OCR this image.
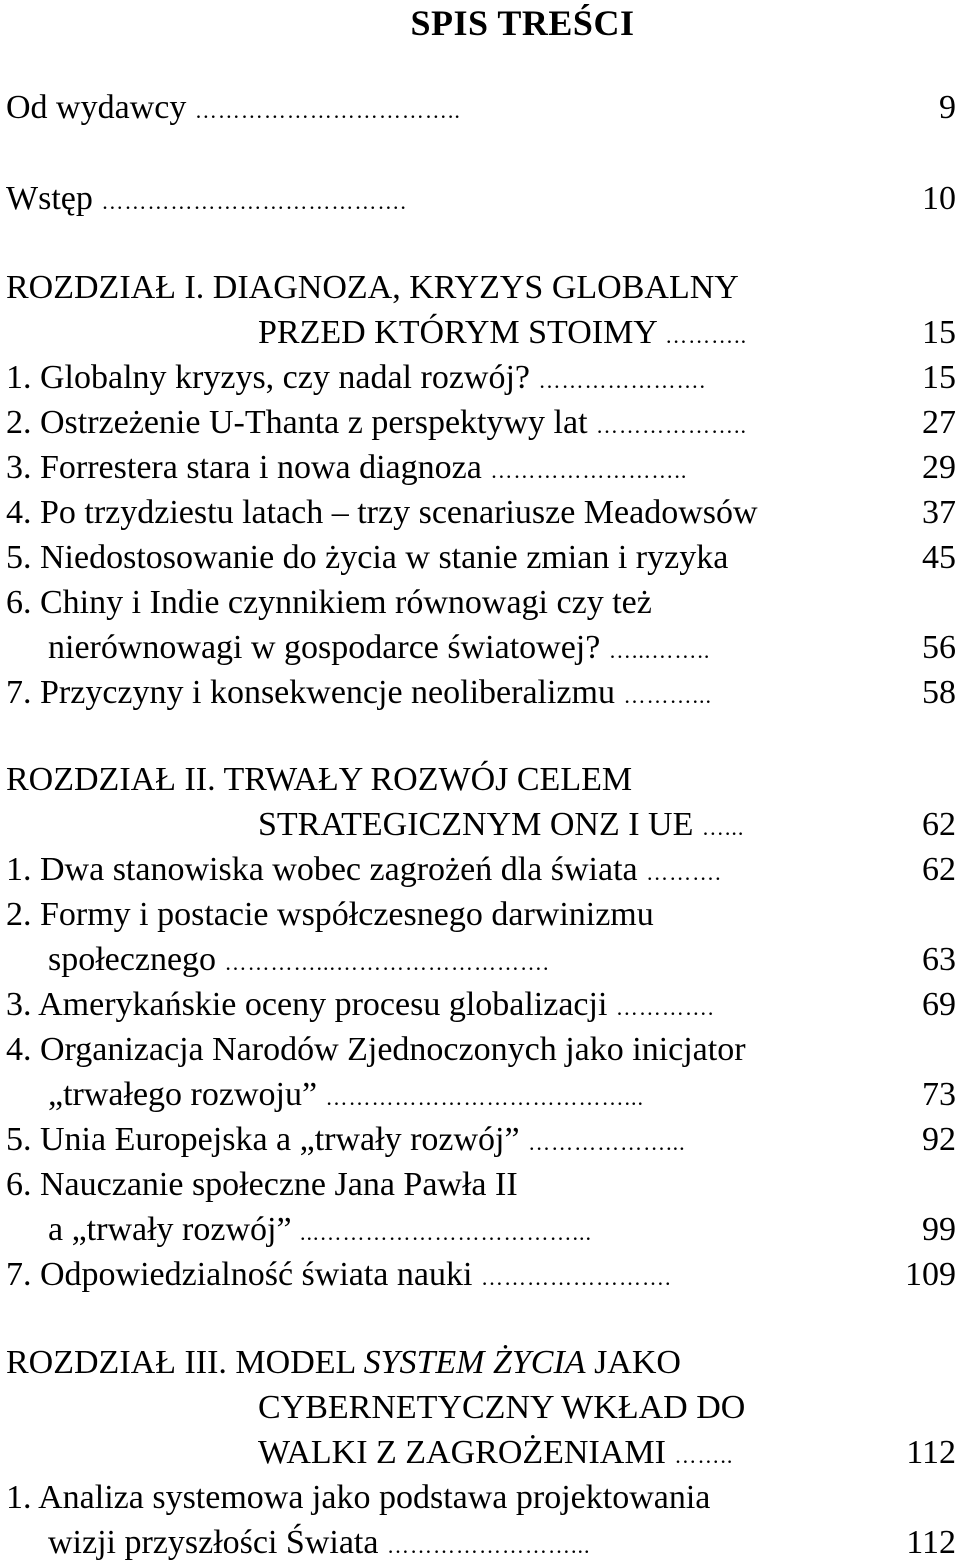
SPIS TREŚCI
Od wydawcy ……………………………..	9
Wstęp ………………………………….	10
ROZDZIAŁ I. DIAGNOZA, KRYZYS GLOBALNY
PRZED KTÓRYM STOIMY ………..	15
1. Globalny kryzys, czy nadal rozwój? ………………….	15
2. Ostrzeżenie U-Thanta z perspektywy lat ………………..	27
3. Forrestera stara i nowa diagnoza ……………………..	29
4. Po trzydziestu latach – trzy scenariusze Meadowsów	37
5. Niedostosowanie do życia w stanie zmian i ryzyka	45
6. Chiny i Indie czynnikiem równowagi czy też
nierównowagi w gospodarce światowej? …...……..	56
7. Przyczyny i konsekwencje neoliberalizmu ………...	58
ROZDZIAŁ II. TRWAŁY ROZWÓJ CELEM
STRATEGICZNYM ONZ I UE …...	62
1. Dwa stanowiska wobec zagrożeń dla świata ……….	62
2. Formy i postacie współczesnego darwinizmu
społecznego …………...……………………….	63
3. Amerykańskie oceny procesu globalizacji ………….	69
4. Organizacja Narodów Zjednoczonych jako inicjator
„trwałego rozwoju” …………………………………...	73
5. Unia Europejska a „trwały rozwój” ………………...	92
6. Nauczanie społeczne Jana Pawła II
a „trwały rozwój” ...……………………………...	99
7. Odpowiedzialność świata nauki …………………….	109
ROZDZIAŁ III. MODEL SYSTEM ŻYCIA JAKO
CYBERNETYCZNY WKŁAD DO
WALKI Z ZAGROŻENIAMI ……..	112
1. Analiza systemowa jako podstawa projektowania
wizji przyszłości Świata ……………………...	112
